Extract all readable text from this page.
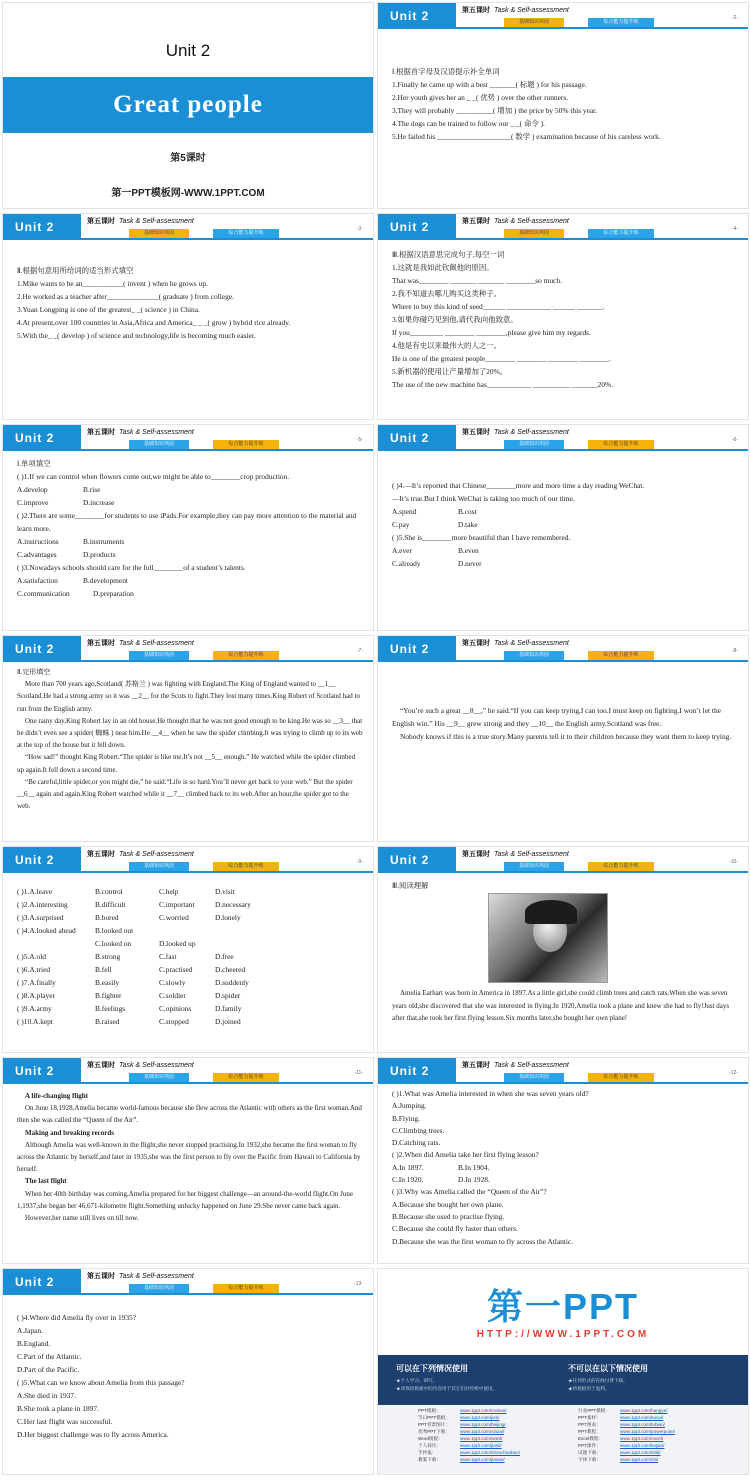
Unit 2
Great people
第5课时
第一PPT模板网-WWW.1PPT.COM
Unit 2	第五课时 Task & Self-assessment
基础知识巩固	综合能力提升练
-2-

Ⅰ.根据首字母及汉语提示补全单词

1.Finally he came up with a best _______( 标题 ) for his passage.

2.Her youth gives her an _ _( 优势 ) over the other runners.

3.They will probably __________( 增加 ) the price by 50% this year.

4.The dogs can be trained to follow our _ _( 命令 ).

5.He failed his ____________________( 数学 ) examination because of his careless work.

Unit 2	第五课时 Task & Self-assessment
基础知识巩固	综合能力提升练
-3-

Ⅱ.根据句意用所给词的适当形式填空

1.Mike wants to be an___________( invent ) when he grows up.

2.He worked as a teacher after______________( graduate ) from college.

3.Yuan Longping is one of the greatest_ _( science ) in China.

4.At present,over 100 countries in Asia,Africa and America_ _ _( grow ) hybrid rice already.

5.With the_ _( develop ) of science and technology,life is becoming much easier.

Unit 2	第五课时 Task & Self-assessment
基础知识巩固	综合能力提升练
-4-

Ⅲ.根据汉语意思完成句子,每空一词

1.这就是我如此钦佩他的原因。

That was________ _______ _______ ________so much.

2.我不知道去哪儿购买这类种子。

Where to buy this kind of seed______ ____________ ______ _______.

3.如果你碰巧见到他,请代我向他致意。

If you_________ ________ ________,please give him my regards.

4.他是有史以来最伟大的人之一。

He is one of the greatest people________ ________ ________ ________.

5.新机器的使用让产量增加了20%。

The use of the new machine has____________ __________ _______20%.

Unit 2	第五课时 Task & Self-assessment
基础知识巩固	综合能力提升练
-5-

Ⅰ.单项填空

( )1.If we can control when flowers come out,we might be able to________crop production.

A.develop	B.rise

C.improve	D.increase

( )2.There are some________for students to use iPads.For example,they can pay more attention to the material and learn more.

A.instructions	B.instruments

C.advantages	D.products

( )3.Nowadays schools should care for the full________of a student’s talents.

A.satisfaction	B.development

C.communication	D.preparation

Unit 2	第五课时 Task & Self-assessment
基础知识巩固	综合能力提升练
-6-

( )4.—It’s reported that Chinese________more and more time a day reading WeChat.

—It’s true.But I think WeChat is taking too much of our time.

A.spend	B.cost

C.pay	D.take

( )5.She is________more beautiful than I have remembered.

A.ever	B.even

C.already	D.never

Unit 2	第五课时 Task & Self-assessment
基础知识巩固	综合能力提升练
-7-

Ⅱ.完形填空

More than 700 years ago,Scotland( 苏格兰 ) was fighting with England.The King of England wanted to __1__ Scotland.He had a strong army so it was __2__ for the Scots to fight.They lost many times.King Robert of Scotland had to run from the English army.

One rainy day,King Robert lay in an old house.He thought that he was not good enough to be king.He was so __3__ that he didn’t even see a spider( 蜘蛛 ) near him.He __4__ when he saw the spider climbing.It was trying to climb up to its web at the top of the house but it fell down.

“How sad!” thought King Robert.“The spider is like me.It’s not __5__ enough.” He watched while the spider climbed up again.It fell down a second time.

“Be careful,little spider,or you might die,” he said.“Life is so hard.You’ll never get back to your web.” But the spider __6__ again and again.King Robert watched while it __7__ climbed back to its web.After an hour,the spider got to the web.

Unit 2	第五课时 Task & Self-assessment
基础知识巩固	综合能力提升练
-8-

“You’re such a great __8__,” he said.“If you can keep trying,I can too.I must keep on fighting.I won’t let the English win.” His __9__ grew strong and they __10__ the English army.Scotland was free.

Nobody knows if this is a true story.Many parents tell it to their children because they want them to keep trying.

Unit 2	第五课时 Task & Self-assessment
基础知识巩固	综合能力提升练
-9-

( )1.A.leave	B.control	C.help	D.visit

( )2.A.interesting	B.difficult	C.important	D.necessary

( )3.A.surprised	B.bored	C.worried	D.lonely

( )4.A.looked ahead	B.looked out

C.looked on	D.looked up

( )5.A.old	B.strong	C.fast	D.free

( )6.A.tried	B.fell	C.practised	D.cheered

( )7.A.finally	B.easily	C.slowly	D.suddenly

( )8.A.player	B.fighter	C.soldier	D.spider

( )9.A.army	B.feelings	C.opinions	D.family

( )10.A.kept	B.raised	C.stopped	D.joined

Unit 2	第五课时 Task & Self-assessment
基础知识巩固	综合能力提升练
-10-
Ⅲ.阅读理解
Amelia Earhart was born in America in 1897.As a little girl,she could climb trees and catch rats.When she was seven years old,she discovered that she was interested in flying.In 1920,Amelia took a plane and knew she had to fly!Just days after that,she took her first flying lesson.Six months later,she bought her own plane!
Unit 2	第五课时 Task & Self-assessment
基础知识巩固	综合能力提升练
-11-

A life-changing flight

On June 18,1928,Amelia became world-famous because she flew across the Atlantic with others as the first woman.And then she was called the “Queen of the Air”.

Making and breaking records

Although Amelia was well-known in the flight,she never stopped practising.In 1932,she became the first woman to fly across the Atlantic by herself,and later in 1935,she was the first person to fly over the Pacific from Hawaii to California by herself.

The last flight

When her 40th birthday was coming,Amelia prepared for her biggest challenge—an around-the-world flight.On June 1,1937,she began her 46,671-kilometre flight.Something unlucky happened on June 29.She never came back again.

However,her name still lives on till now.

Unit 2	第五课时 Task & Self-assessment
基础知识巩固	综合能力提升练
-12-

( )1.What was Amelia interested in when she was seven years old?

A.Jumping.

B.Flying.

C.Climbing trees.

D.Catching rats.

( )2.When did Amelia take her first flying lesson?

A.In 1897.	B.In 1904.

C.In 1920.	D.In 1928.

( )3.Why was Amelia called the “Queen of the Air”?

A.Because she bought her own plane.

B.Because she used to practise flying.

C.Because she could fly faster than others.

D.Because she was the first woman to fly across the Atlantic.

Unit 2	第五课时 Task & Self-assessment
基础知识巩固	综合能力提升练
-13-

( )4.Where did Amelia fly over in 1935?

A.Japan.

B.England.

C.Part of the Atlantic.

D.Part of the Pacific.

( )5.What can we know about Amelia from this passage?

A.She died in 1937.

B.She took a plane in 1897.

C.Her last flight was successful.

D.Her biggest challenge was to fly across America.

第一PPT
HTTP://WWW.1PPT.COM
可以在下列情况使用	不可以在以下情况使用
★个人学习、研究。
★请保留模板中的内容用于其它们对传统中使用。
★任何形式的在线付费下载。
★将模板用于盈利。
PPT模板：	www.1ppt.com/moban/
节日PPT模板： www.1ppt.com/jieri/
PPT背景图片： www.1ppt.com/beijing/
优秀PPT下载： www.1ppt.com/xiazai/
Word模板：	www.1ppt.com/word/
个人简历：	www.1ppt.com/jianli/
手抄报：	www.1ppt.com/shouchaobao/
教案下载：	www.1ppt.com/jiaoan/
行业PPT模板： www.1ppt.com/hangye/
PPT素材：	www.1ppt.com/sucai/
PPT图表：	www.1ppt.com/tubiao/
PPT教程：	www.1ppt.com/powerpoint/
Excel教程：	www.1ppt.com/excel/
PPT课件：	www.1ppt.com/kejian/
试题下载：	www.1ppt.com/shiti/
字体下载：	www.1ppt.com/ziti/
